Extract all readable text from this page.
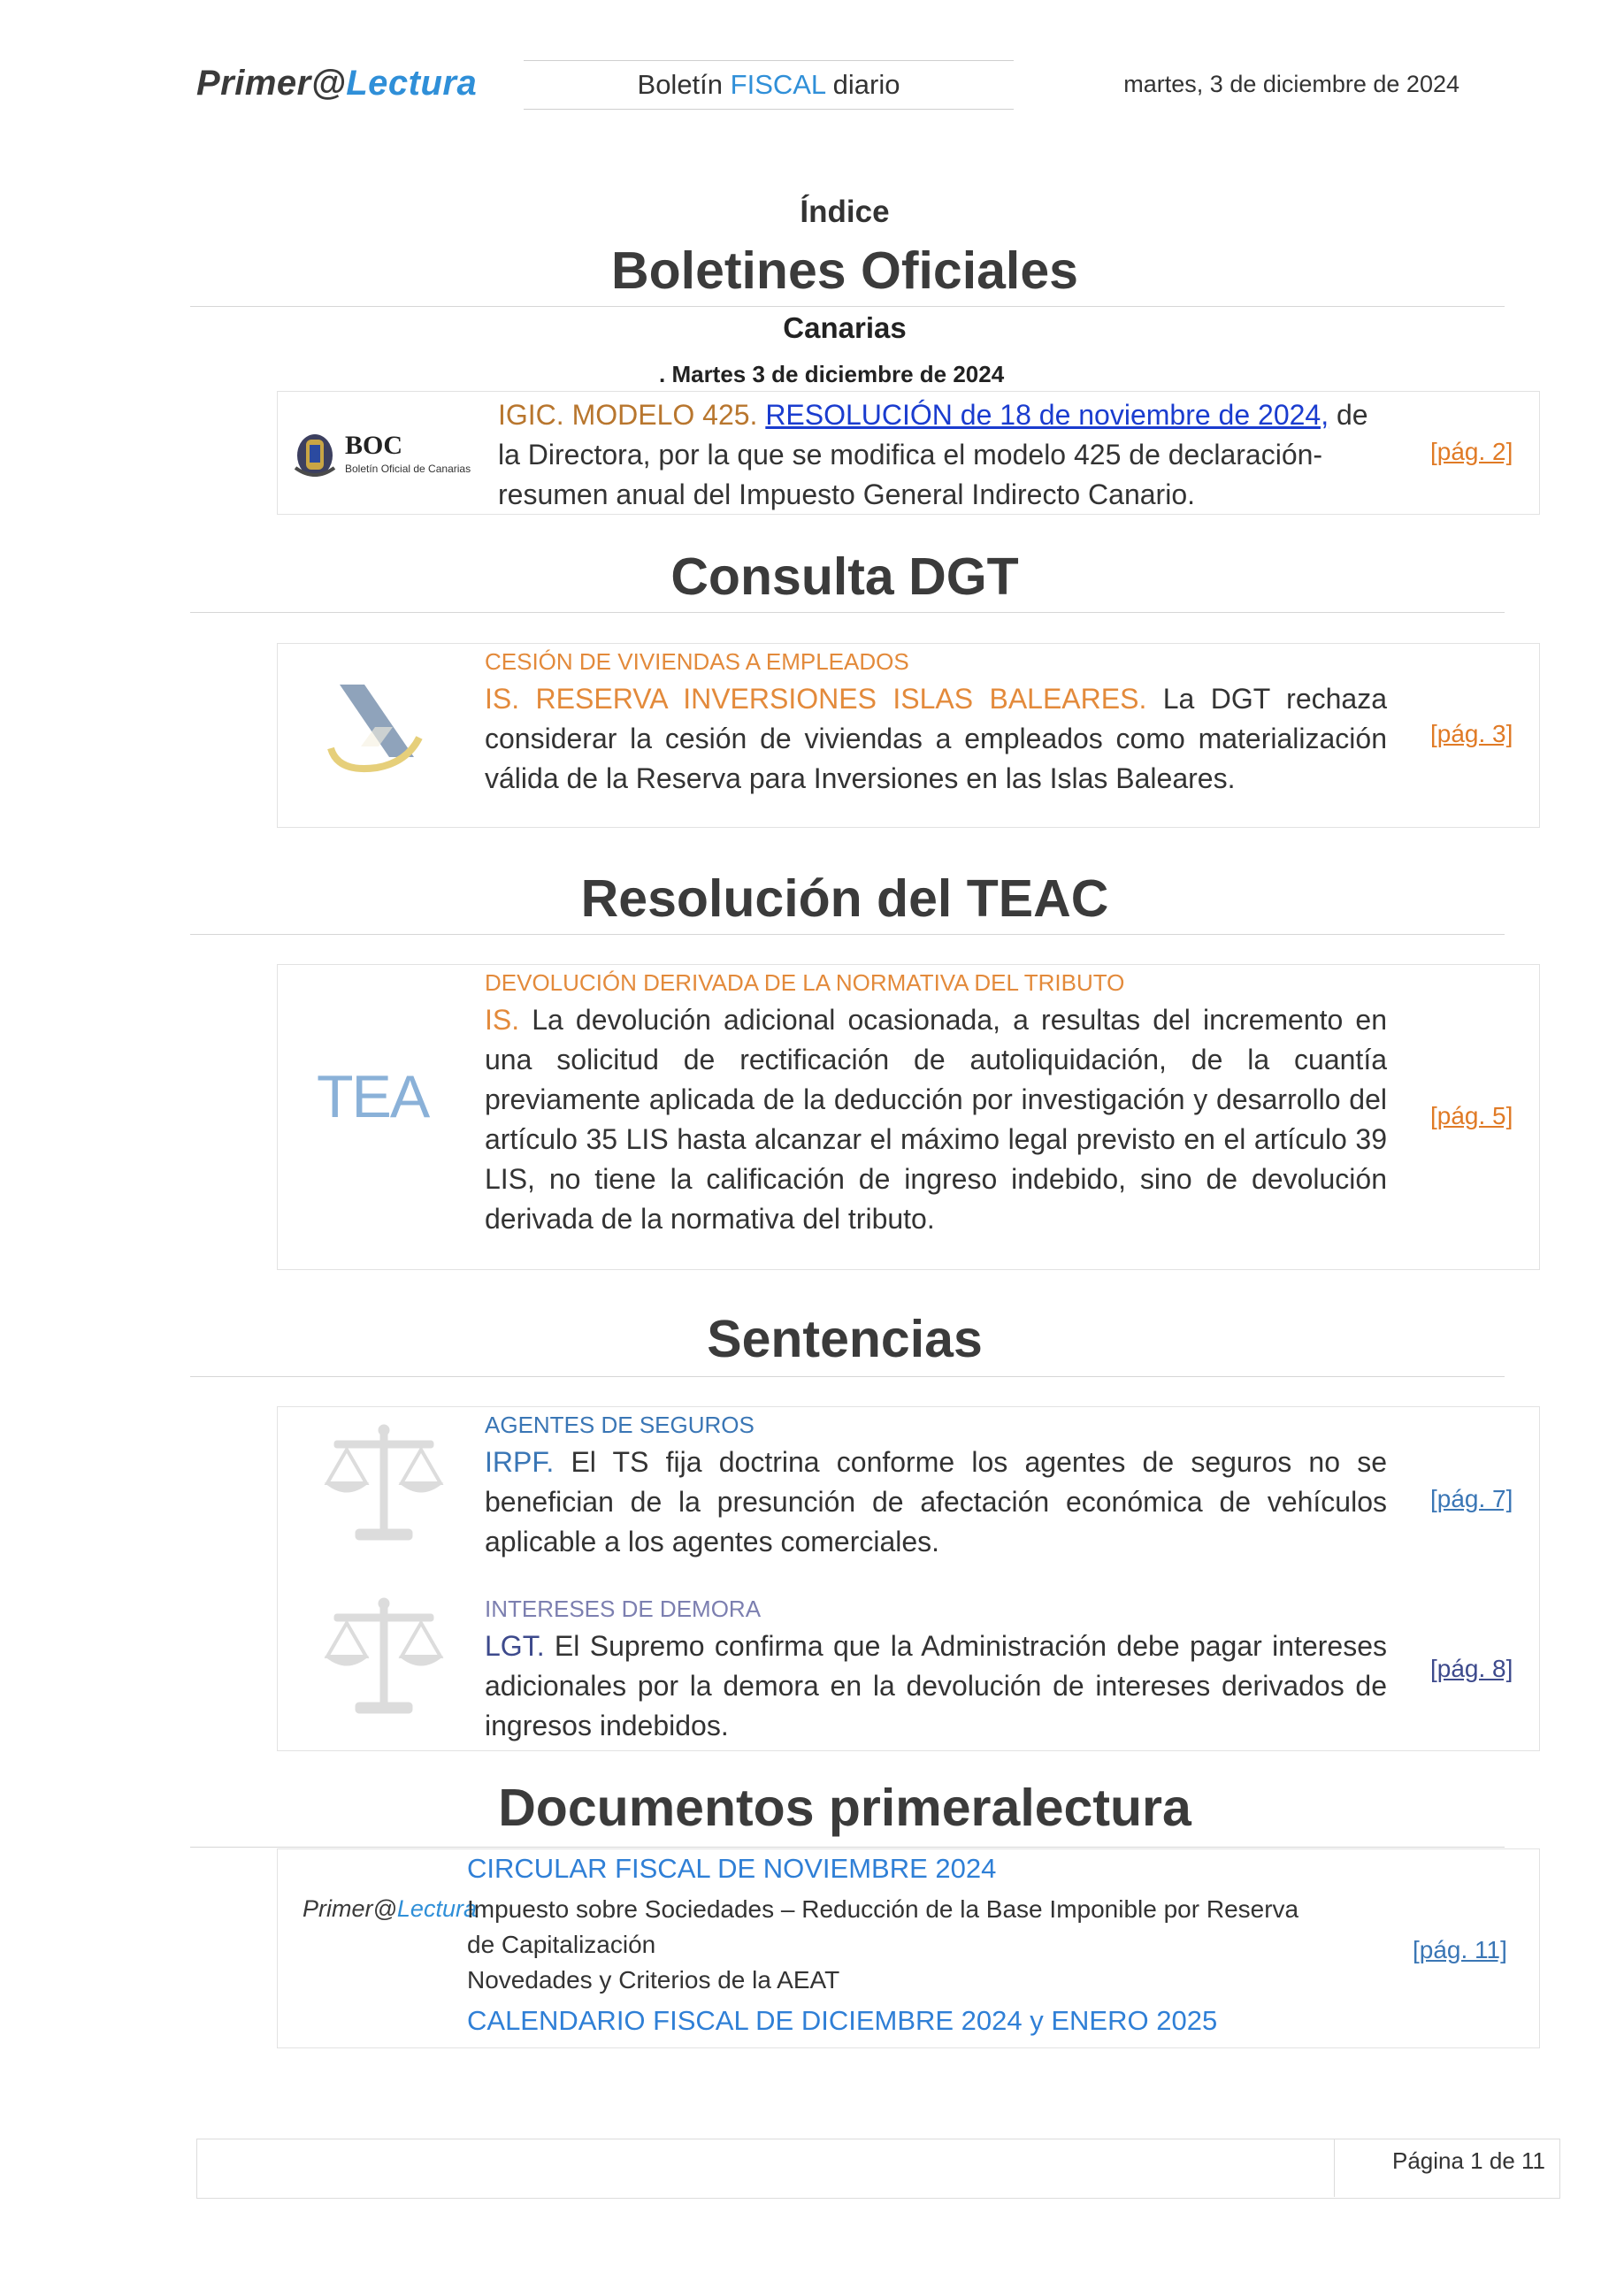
Primer@Lectura	Boletín FISCAL diario	martes, 3 de diciembre de 2024
Índice
Boletines Oficiales
Canarias
. Martes 3 de diciembre de 2024
BOC
Boletín Oficial de Canarias
IGIC. MODELO 425. RESOLUCIÓN de 18 de noviembre de 2024, de
la Directora, por la que se modifica el modelo 425 de declaración-
resumen anual del Impuesto General Indirecto Canario.
[pág. 2]
Consulta DGT
CESIÓN DE VIVIENDAS A EMPLEADOS
IS. RESERVA INVERSIONES ISLAS BALEARES. La DGT rechaza considerar la cesión de viviendas a empleados como materialización válida de la Reserva para Inversiones en las Islas Baleares.
[pág. 3]
Resolución del TEAC
TEA
DEVOLUCIÓN DERIVADA DE LA NORMATIVA DEL TRIBUTO
IS. La devolución adicional ocasionada, a resultas del incremento en una solicitud de rectificación de autoliquidación, de la cuantía previamente aplicada de la deducción por investigación y desarrollo del artículo 35 LIS hasta alcanzar el máximo legal previsto en el artículo 39 LIS, no tiene la calificación de ingreso indebido, sino de devolución derivada de la normativa del tributo.
[pág. 5]
Sentencias
AGENTES DE SEGUROS
IRPF. El TS fija doctrina conforme los agentes de seguros no se benefician de la presunción de afectación económica de vehículos aplicable a los agentes comerciales.
[pág. 7]
INTERESES DE DEMORA
LGT. El Supremo confirma que la Administración debe pagar intereses adicionales por la demora en la devolución de intereses derivados de ingresos indebidos.
[pág. 8]
Documentos primeralectura
Primer@Lectura
CIRCULAR FISCAL DE NOVIEMBRE 2024
Impuesto sobre Sociedades – Reducción de la Base Imponible por Reserva
de Capitalización
Novedades y Criterios de la AEAT
CALENDARIO FISCAL DE DICIEMBRE 2024 y ENERO 2025
[pág. 11]
Página 1 de 11
